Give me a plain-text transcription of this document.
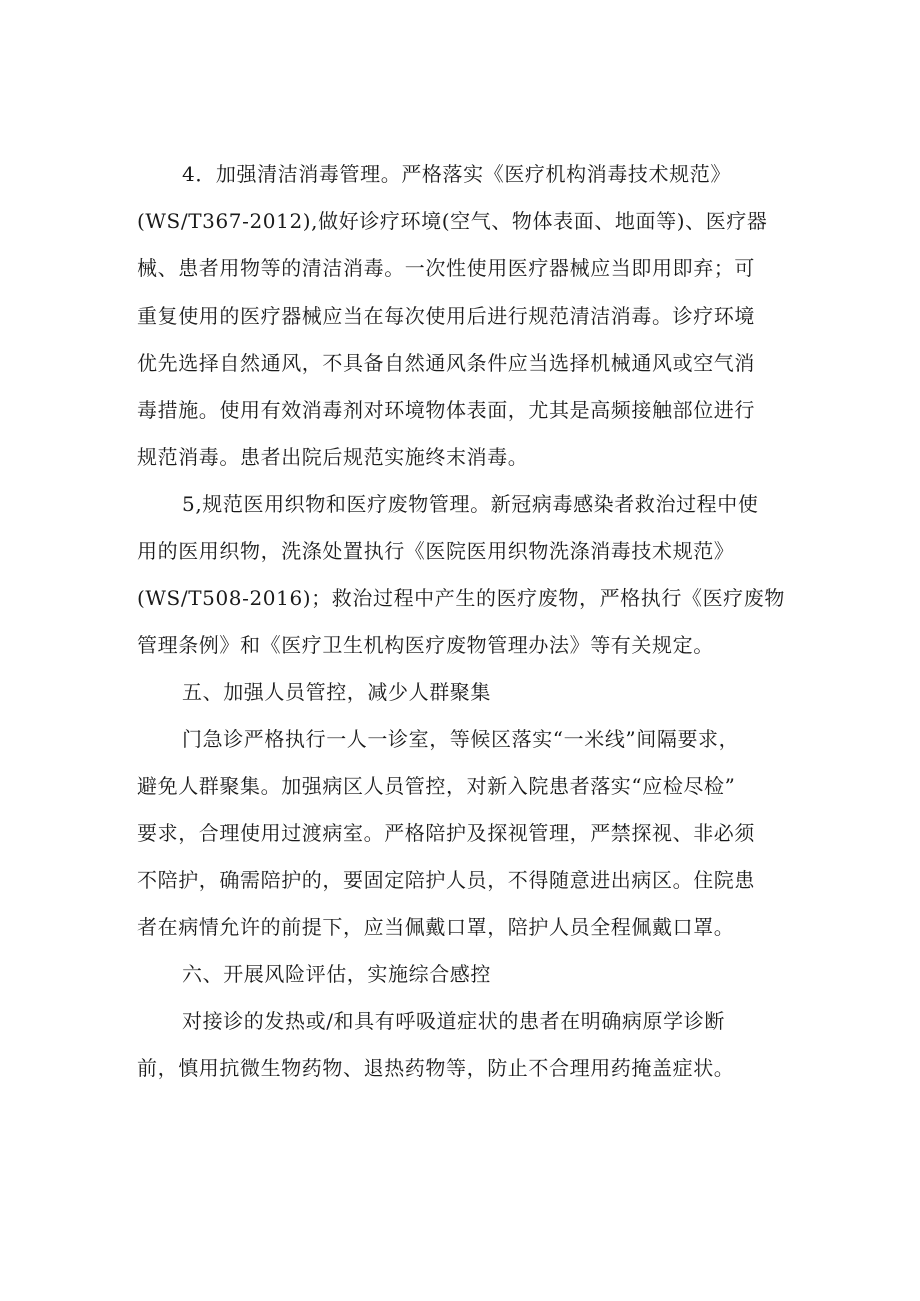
4．加强清洁消毒管理。严格落实《医疗机构消毒技术规范》
(WS/T367-2012),做好诊疗环境(空气、物体表面、地面等)、医疗器
械、患者用物等的清洁消毒。一次性使用医疗器械应当即用即弃；可
重复使用的医疗器械应当在每次使用后进行规范清洁消毒。诊疗环境
优先选择自然通风，不具备自然通风条件应当选择机械通风或空气消
毒措施。使用有效消毒剂对环境物体表面，尤其是高频接触部位进行
规范消毒。患者出院后规范实施终末消毒。
5,规范医用织物和医疗废物管理。新冠病毒感染者救治过程中使
用的医用织物，洗涤处置执行《医院医用织物洗涤消毒技术规范》
(WS/T508-2016)；救治过程中产生的医疗废物，严格执行《医疗废物
管理条例》和《医疗卫生机构医疗废物管理办法》等有关规定。
五、加强人员管控，减少人群聚集
门急诊严格执行一人一诊室，等候区落实“一米线”间隔要求，
避免人群聚集。加强病区人员管控，对新入院患者落实“应检尽检”
要求，合理使用过渡病室。严格陪护及探视管理，严禁探视、非必须
不陪护，确需陪护的，要固定陪护人员，不得随意进出病区。住院患
者在病情允许的前提下，应当佩戴口罩，陪护人员全程佩戴口罩。
六、开展风险评估，实施综合感控
对接诊的发热或/和具有呼吸道症状的患者在明确病原学诊断
前，慎用抗微生物药物、退热药物等，防止不合理用药掩盖症状。
